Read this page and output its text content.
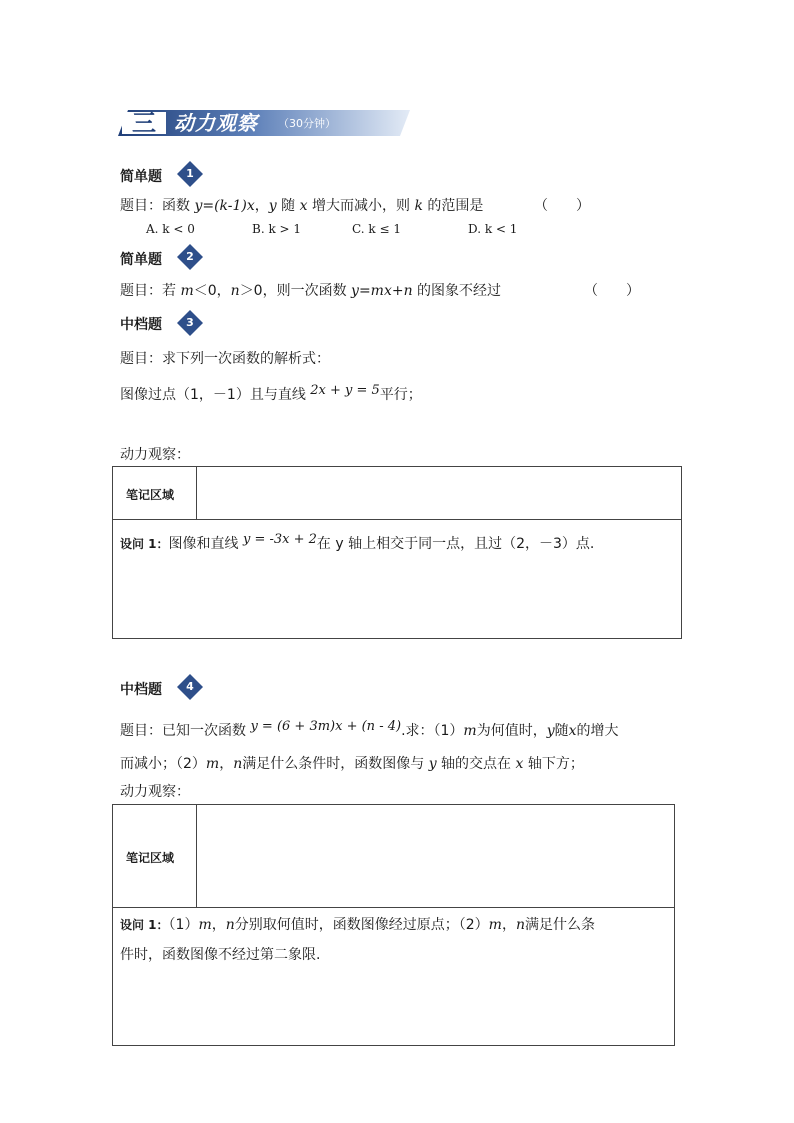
三 动力观察 （30分钟）
简单题	1
题目：函数 y=(k-1)x，y 随 x 增大而减小，则 k 的范围是	（　　）
A. k < 0	B. k > 1	C. k ≤ 1	D. k < 1
简单题	2
题目：若 m＜0，n＞0，则一次函数 y=mx+n 的图象不经过	（　　）
中档题	3
题目：求下列一次函数的解析式：
图像过点（1，－1）且与直线 2x + y = 5平行；
动力观察：
笔记区域
设问 1：图像和直线 y = -3x + 2在 y 轴上相交于同一点，且过（2，－3）点.
中档题	4
题目：已知一次函数 y = (6 + 3m)x + (n - 4).求：（1）m为何值时，y随x的增大
而减小；（2）m，n满足什么条件时，函数图像与 y 轴的交点在 x 轴下方；
动力观察：
笔记区域
设问 1：（1）m，n分别取何值时，函数图像经过原点；（2）m，n满足什么条
件时，函数图像不经过第二象限.
